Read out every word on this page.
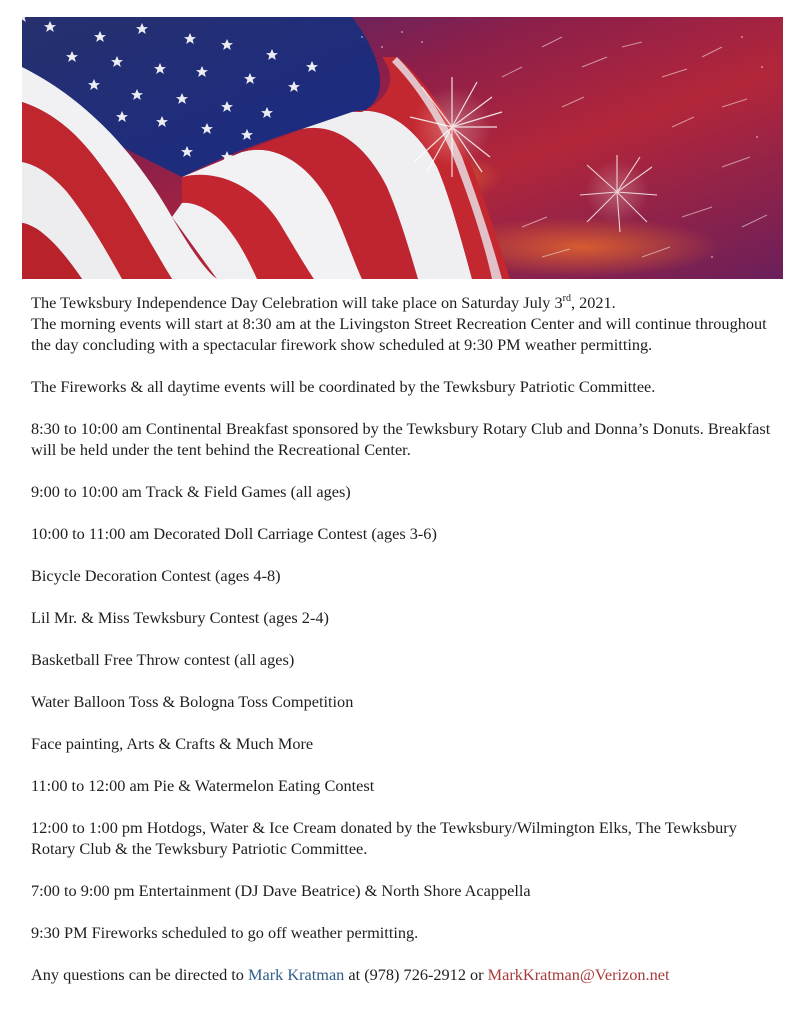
The Tewksbury Independence Day Celebration will take place on Saturday July 3rd, 2021.
The morning events will start at 8:30 am at the Livingston Street Recreation Center and will continue throughout the day concluding with a spectacular firework show scheduled at 9:30 PM weather permitting.

The Fireworks & all daytime events will be coordinated by the Tewksbury Patriotic Committee.

8:30 to 10:00 am Continental Breakfast sponsored by the Tewksbury Rotary Club and Donna’s Donuts. Breakfast will be held under the tent behind the Recreational Center.

9:00 to 10:00 am Track & Field Games (all ages)

10:00 to 11:00 am Decorated Doll Carriage Contest (ages 3-6)

Bicycle Decoration Contest (ages 4-8)

Lil Mr. & Miss Tewksbury Contest (ages 2-4)

Basketball Free Throw contest (all ages)

Water Balloon Toss & Bologna Toss Competition

Face painting, Arts & Crafts & Much More

11:00 to 12:00 am Pie & Watermelon Eating Contest

12:00 to 1:00 pm Hotdogs, Water & Ice Cream donated by the Tewksbury/Wilmington Elks, The Tewksbury Rotary Club & the Tewksbury Patriotic Committee.

7:00 to 9:00 pm Entertainment (DJ Dave Beatrice) & North Shore Acappella

9:30 PM Fireworks scheduled to go off weather permitting.

Any questions can be directed to Mark Kratman at (978) 726-2912 or MarkKratman@Verizon.net
